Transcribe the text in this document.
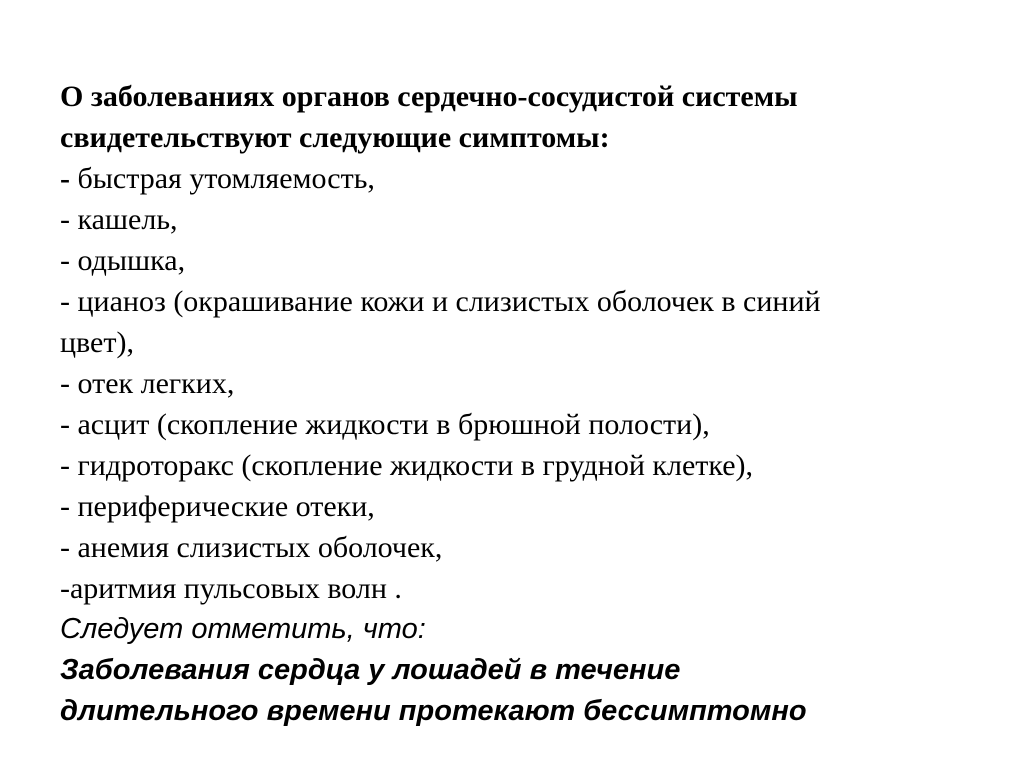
О заболеваниях органов сердечно-сосудистой системы
свидетельствуют следующие симптомы:
- быстрая утомляемость,
- кашель,
- одышка,
- цианоз (окрашивание кожи и слизистых оболочек в синий
цвет),
- отек легких,
- асцит (скопление жидкости в брюшной полости),
- гидроторакс (скопление жидкости в грудной клетке),
- периферические отеки,
- анемия слизистых оболочек,
-аритмия пульсовых волн .
Следует отметить, что:
Заболевания сердца у лошадей в течение
длительного времени протекают бессимптомно
